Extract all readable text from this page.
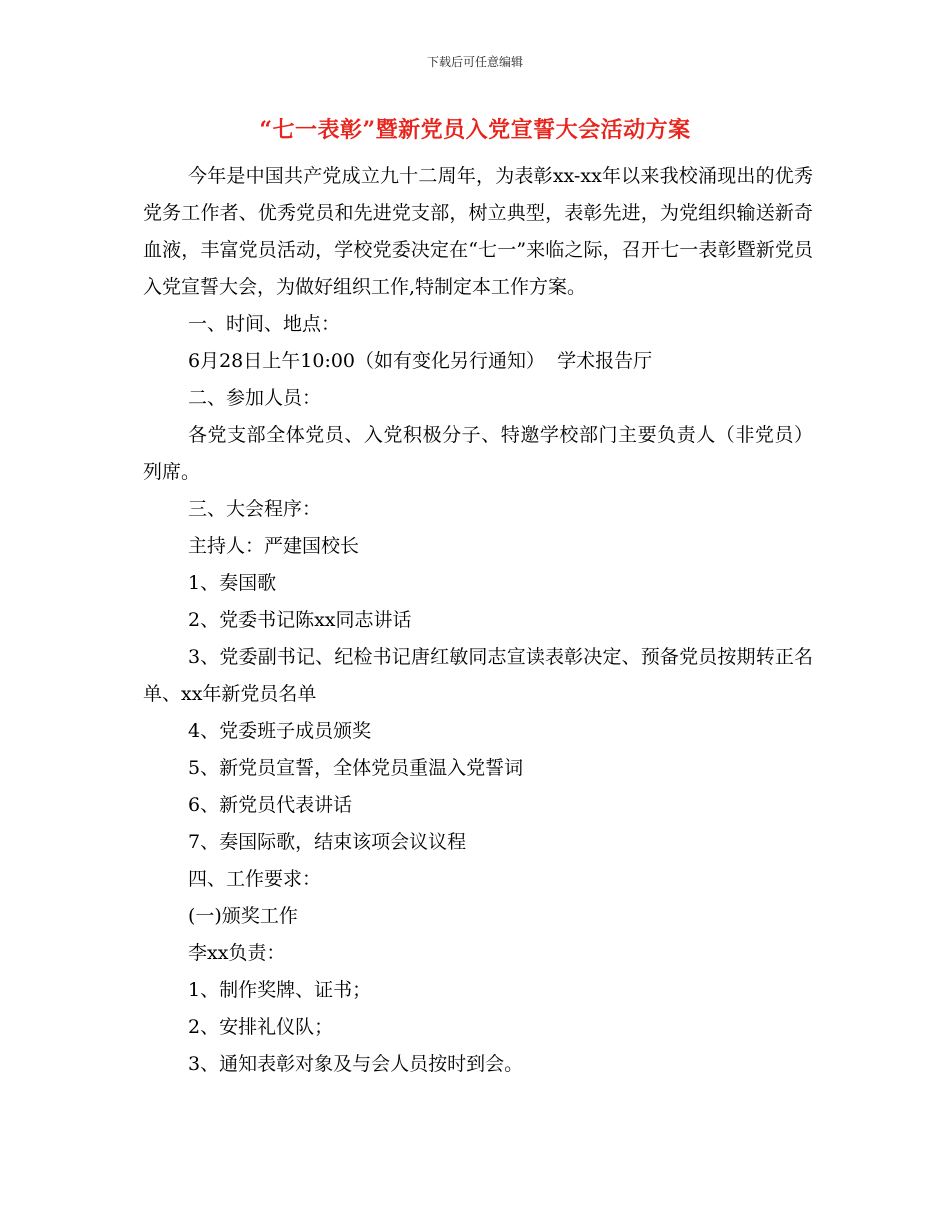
下载后可任意编辑
“七一表彰”暨新党员入党宣誓大会活动方案

今年是中国共产党成立九十二周年，为表彰xx-xx年以来我校涌现出的优秀党务工作者、优秀党员和先进党支部，树立典型，表彰先进，为党组织输送新奇血液，丰富党员活动，学校党委决定在“七一”来临之际，召开七一表彰暨新党员入党宣誓大会，为做好组织工作,特制定本工作方案。

一、时间、地点：

6月28日上午10:00（如有变化另行通知）  学术报告厅

二、参加人员：

各党支部全体党员、入党积极分子、特邀学校部门主要负责人（非党员）列席。

三、大会程序：

主持人：严建国校长

1、奏国歌

2、党委书记陈xx同志讲话

3、党委副书记、纪检书记唐红敏同志宣读表彰决定、预备党员按期转正名单、xx年新党员名单

4、党委班子成员颁奖

5、新党员宣誓，全体党员重温入党誓词

6、新党员代表讲话

7、奏国际歌，结束该项会议议程

四、工作要求：

(一)颁奖工作

李xx负责：

1、制作奖牌、证书；

2、安排礼仪队；

3、通知表彰对象及与会人员按时到会。
